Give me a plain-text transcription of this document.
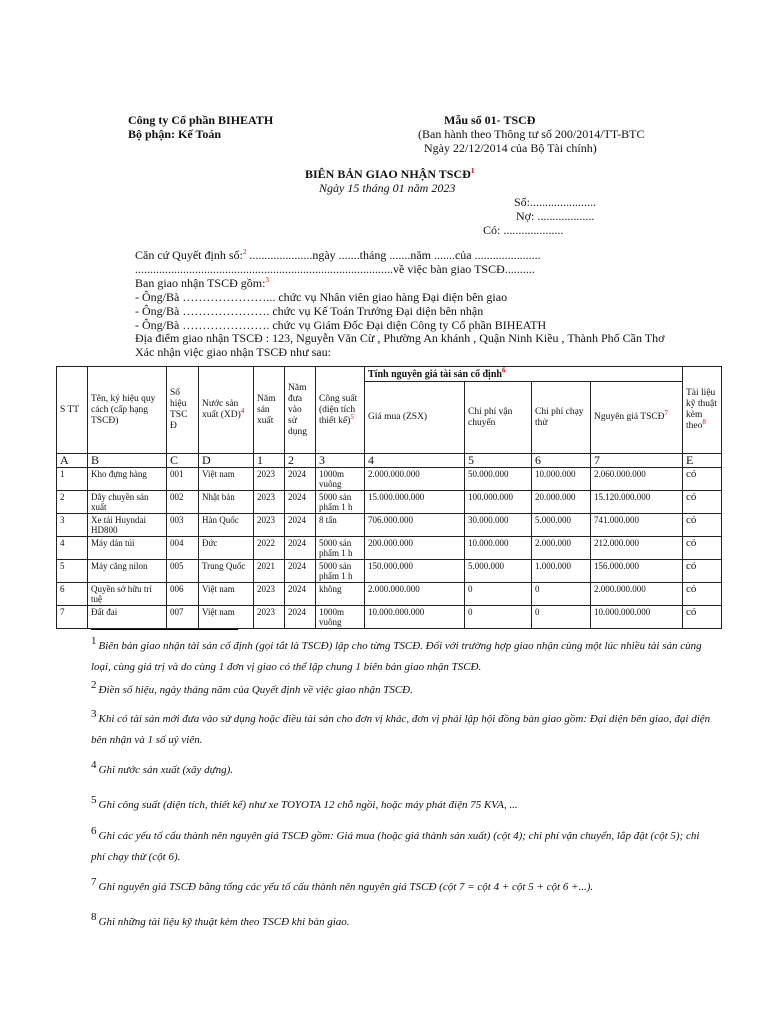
Công ty Cổ phần BIHEATH
Bộ phận: Kế Toán
Mẫu số 01- TSCĐ
(Ban hành theo Thông tư số 200/2014/TT-BTC
Ngày 22/12/2014 của Bộ Tài chính)
BIÊN BẢN GIAO NHẬN TSCĐ$^1$
Ngày 15 tháng 01 năm 2023
Số:......................
Nợ: ...................
Có: ....................
Căn cứ Quyết định số:$^2$ .....................ngày .......tháng .......năm .......của ......................
......................................................................................về việc bàn giao TSCĐ..........
Ban giao nhận TSCĐ gồm:$^3$
- Ông/Bà …………………... chức vụ Nhân viên giao hàng Đại diện bên giao
- Ông/Bà …………………. chức vụ Kế Toán Trưởng Đại diện bên nhận
- Ông/Bà …………………. chức vụ Giám Đốc Đại diện Công ty Cổ phần BIHEATH
Địa điểm giao nhận TSCĐ : 123, Nguyễn Văn Cừ , Phường An khánh , Quận Ninh Kiều , Thành Phố Cần Thơ
Xác nhận việc giao nhận TSCĐ như sau:
S TT	Tên, ký hiệu quy cách (cấp hạng TSCĐ)	Số hiệu TSC Đ	Nước sản xuất (XD)$^4$	Năm sản xuất	Năm đưa vào sử dụng	Công suất (diện tích thiết kế)$^5$	Tính nguyên giá tài sản cố định$^6$				Tài liệu kỹ thuật kèm theo$^8$
							Giá mua (ZSX)	Chi phí vận chuyển	Chi phí chạy thử	Nguyên giá TSCĐ$^7$
A	B	C	D	1	2	3	4	5	6	7	E
1	Kho đựng hàng	001	Việt nam	2023	2024	1000m vuông	2.000.000.000	50.000.000	10.000.000	2.060.000.000	có
2	Dây chuyền sản xuất	002	Nhật bản	2023	2024	5000 sản phẩm 1 h	15.000.000.000	100.000.000	20.000.000	15.120.000.000	có
3	Xe tải Huyndai HD800	003	Hàn Quốc	2023	2024	8 tấn	706.000.000	30.000.000	5.000.000	741.000.000	có
4	Máy dán túi	004	Đức	2022	2024	5000 sản phẩm 1 h	200.000.000	10.000.000	2.000.000	212.000.000	có
5	Máy căng nilon	005	Trung Quốc	2021	2024	5000 sản phẩm 1 h	150.000.000	5.000.000	1.000.000	156.000.000	có
6	Quyền sở hữu trí tuệ	006	Việt nam	2023	2024	không	2.000.000.000	0	0	2.000.000.000	có
7	Đất đai	007	Việt nam	2023	2024	1000m vuông	10.000.000.000	0	0	10.000.000.000	có
1 Biên bản giao nhận tài sản cố định (gọi tắt là TSCĐ) lập cho từng TSCĐ. Đối với trường hợp giao nhận cùng một lúc nhiều tài sản cùng loại, cùng giá trị và do cùng 1 đơn vị giao có thể lập chung 1 biên bản giao nhận TSCĐ.
2 Điền số hiệu, ngày tháng năm của Quyết định về việc giao nhận TSCĐ.
3 Khi có tài sản mới đưa vào sử dụng hoặc điều tài sản cho đơn vị khác, đơn vị phải lập hội đồng bàn giao gồm: Đại diện bên giao, đại diện bên nhận và 1 số uỷ viên.
4 Ghi nước sản xuất (xây dựng).
5 Ghi công suất (diện tích, thiết kế) như xe TOYOTA 12 chỗ ngồi, hoặc máy phát điện 75 KVA, ...
6 Ghi các yếu tố cấu thành nên nguyên giá TSCĐ gồm: Giá mua (hoặc giá thành sản xuất) (cột 4); chi phí vận chuyển, lắp đặt (cột 5); chi phí chạy thử (cột 6).
7 Ghi nguyên giá TSCĐ bằng tổng các yếu tố cấu thành nên nguyên giá TSCĐ (cột 7 = cột 4 + cột 5 + cột 6 +...).
8 Ghi những tài liệu kỹ thuật kèm theo TSCĐ khi bàn giao.
